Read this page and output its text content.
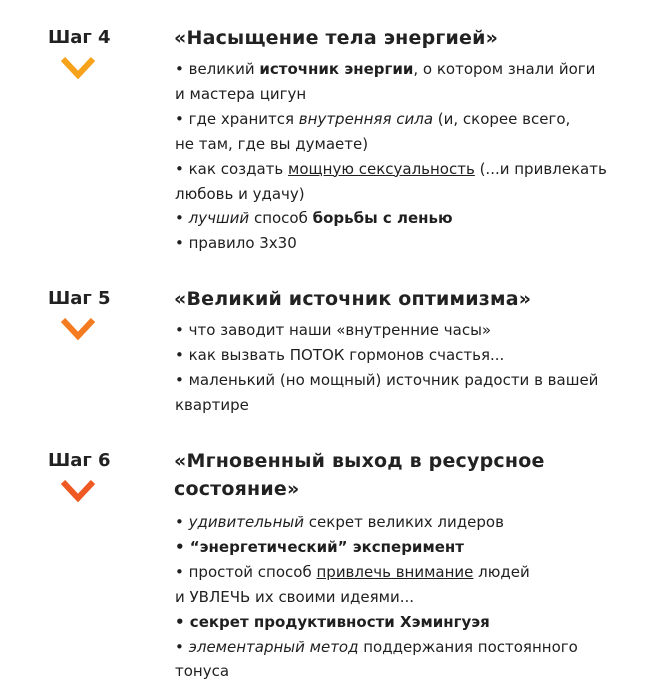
Шаг 4	«Насыщение тела энергией»
• великий источник энергии, о котором знали йоги
и мастера цигун
• где хранится внутренняя сила (и, скорее всего,
не там, где вы думаете)
• как создать мощную сексуальность (...и привлекать
любовь и удачу)
• лучший способ борьбы с ленью
• правило 3х30
Шаг 5	«Великий источник оптимизма»
• что заводит наши «внутренние часы»
• как вызвать ПОТОК гормонов счастья...
• маленький (но мощный) источник радости в вашей
квартире
Шаг 6	«Мгновенный выход в ресурсное состояние»
• удивительный секрет великих лидеров
• “энергетический” эксперимент
• простой способ привлечь внимание людей
и УВЛЕЧЬ их своими идеями...
• секрет продуктивности Хэмингуэя
• элементарный метод поддержания постоянного
тонуса
